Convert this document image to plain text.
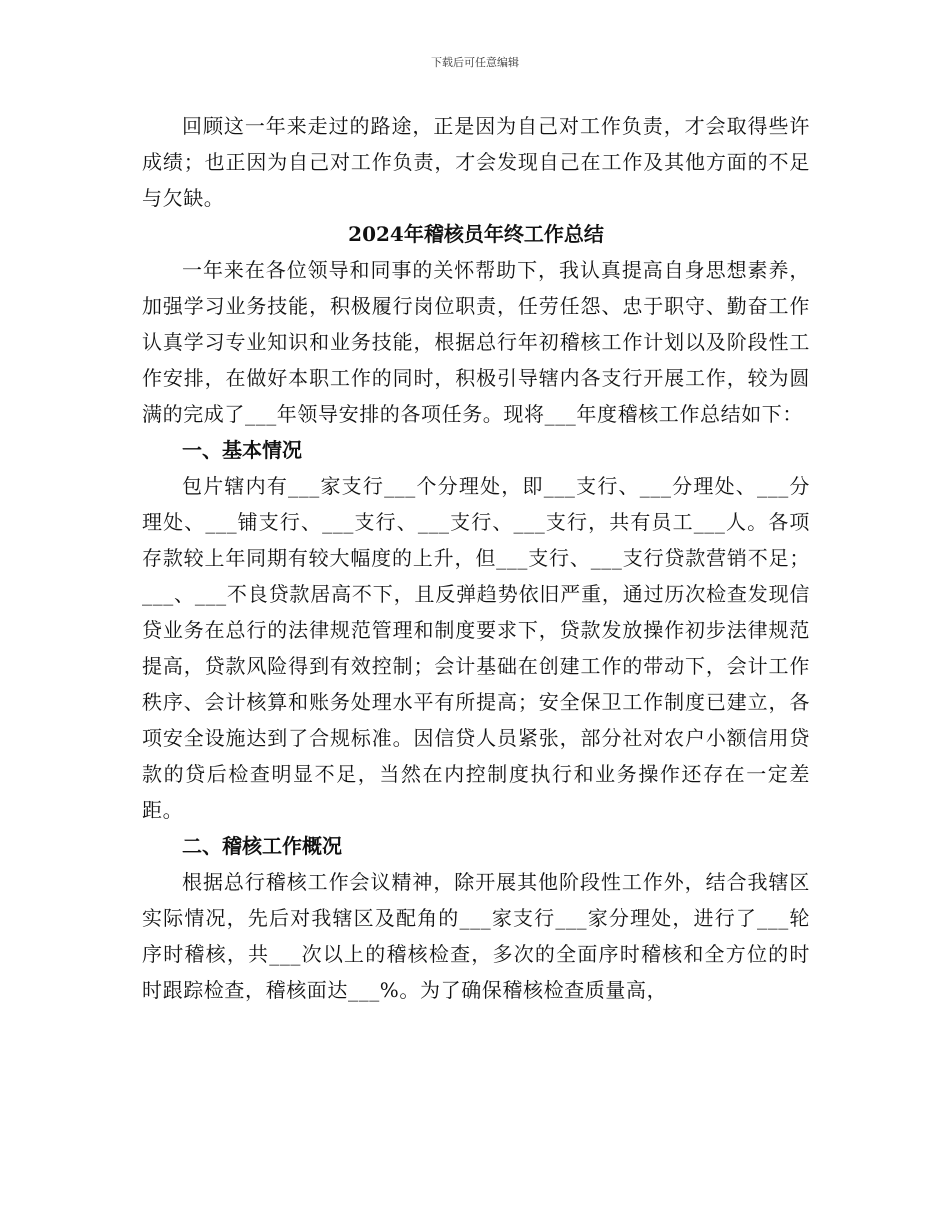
下载后可任意编辑

回顾这一年来走过的路途，正是因为自己对工作负责，才会取得些许成绩；也正因为自己对工作负责，才会发现自己在工作及其他方面的不足与欠缺。

2024年稽核员年终工作总结

一年来在各位领导和同事的关怀帮助下，我认真提高自身思想素养，加强学习业务技能，积极履行岗位职责，任劳任怨、忠于职守、勤奋工作认真学习专业知识和业务技能，根据总行年初稽核工作计划以及阶段性工作安排，在做好本职工作的同时，积极引导辖内各支行开展工作，较为圆满的完成了___年领导安排的各项任务。现将___年度稽核工作总结如下：

一、基本情况

包片辖内有___家支行___个分理处，即___支行、___分理处、___分理处、___铺支行、___支行、___支行、___支行，共有员工___人。各项存款较上年同期有较大幅度的上升，但___支行、___支行贷款营销不足；___、___不良贷款居高不下，且反弹趋势依旧严重，通过历次检查发现信贷业务在总行的法律规范管理和制度要求下，贷款发放操作初步法律规范提高，贷款风险得到有效控制；会计基础在创建工作的带动下，会计工作秩序、会计核算和账务处理水平有所提高；安全保卫工作制度已建立，各项安全设施达到了合规标准。因信贷人员紧张，部分社对农户小额信用贷款的贷后检查明显不足，当然在内控制度执行和业务操作还存在一定差距。

二、稽核工作概况

根据总行稽核工作会议精神，除开展其他阶段性工作外，结合我辖区实际情况，先后对我辖区及配角的___家支行___家分理处，进行了___轮序时稽核，共___次以上的稽核检查，多次的全面序时稽核和全方位的时时跟踪检查，稽核面达___%。为了确保稽核检查质量高，
